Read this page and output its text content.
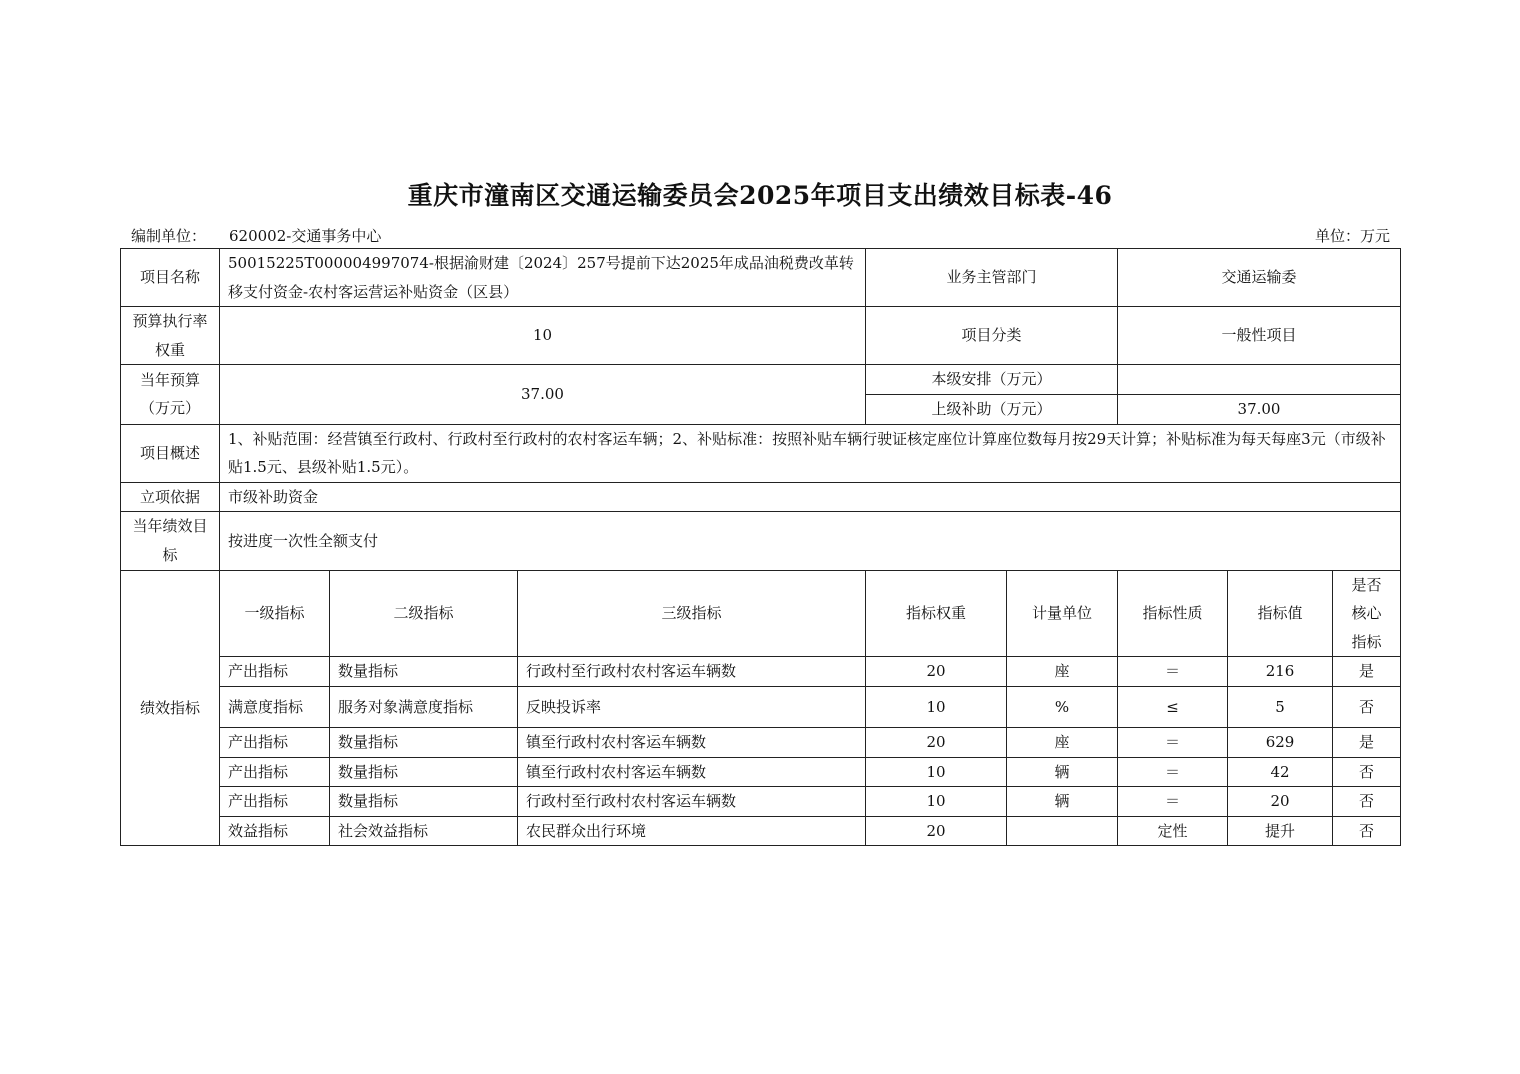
重庆市潼南区交通运输委员会2025年项目支出绩效目标表-46
编制单位： 620002-交通事务中心	单位：万元
项目名称	50015225T000004997074-根据渝财建〔2024〕257号提前下达2025年成品油税费改革转移支付资金-农村客运营运补贴资金（区县）			业务主管部门		交通运输委		
预算执行率权重	10			项目分类		一般性项目		
当年预算（万元）	37.00			本级安排（万元）				
				上级补助（万元）		37.00		
项目概述	1、补贴范围：经营镇至行政村、行政村至行政村的农村客运车辆；2、补贴标准：按照补贴车辆行驶证核定座位计算座位数每月按29天计算；补贴标准为每天每座3元（市级补贴1.5元、县级补贴1.5元）。							
立项依据	市级补助资金							
当年绩效目标	按进度一次性全额支付							
绩效指标	一级指标	二级指标	三级指标	指标权重	计量单位	指标性质	指标值	是否核心指标
	产出指标	数量指标	行政村至行政村农村客运车辆数	20	座	＝	216	是
	满意度指标	服务对象满意度指标	反映投诉率	10	%	≤	5	否
	产出指标	数量指标	镇至行政村农村客运车辆数	20	座	＝	629	是
	产出指标	数量指标	镇至行政村农村客运车辆数	10	辆	＝	42	否
	产出指标	数量指标	行政村至行政村农村客运车辆数	10	辆	＝	20	否
	效益指标	社会效益指标	农民群众出行环境	20		定性	提升	否
